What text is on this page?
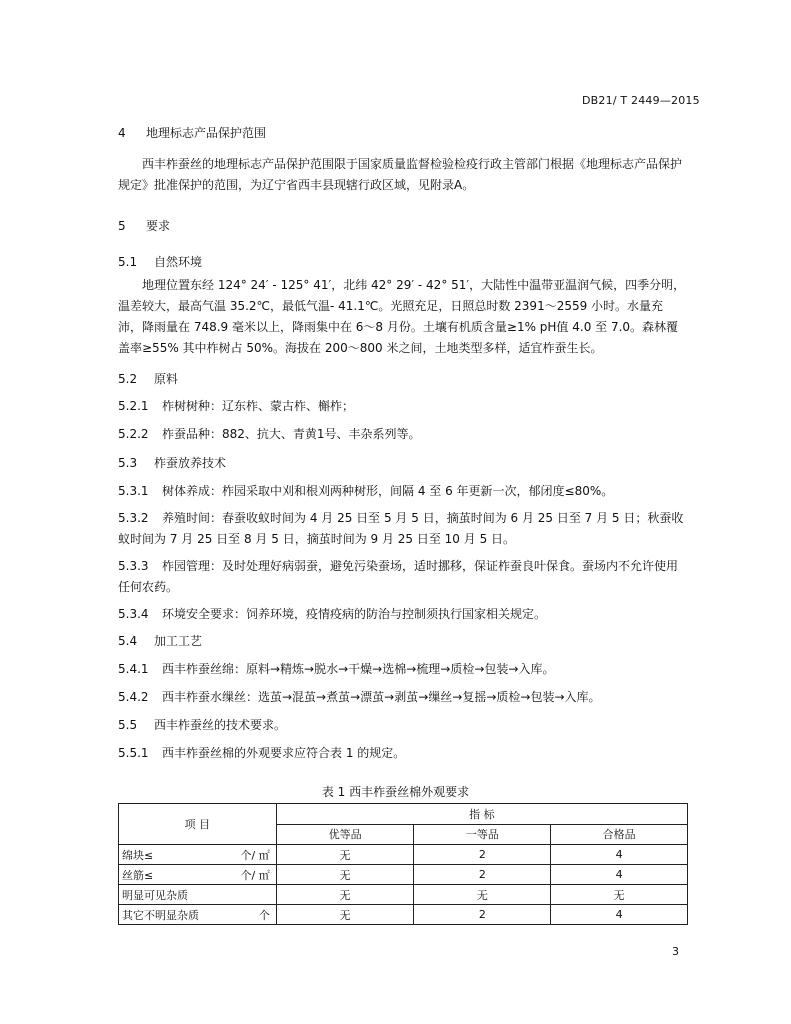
DB21/ T 2449—2015
4 地理标志产品保护范围
西丰柞蚕丝的地理标志产品保护范围限于国家质量监督检验检疫行政主管部门根据《地理标志产品保护规定》批准保护的范围，为辽宁省西丰县现辖行政区域，见附录A。
5 要求
5.1 自然环境
地理位置东经 124° 24′ - 125° 41′，北纬 42° 29′ - 42° 51′，大陆性中温带亚温润气候，四季分明，温差较大，最高气温 35.2℃，最低气温- 41.1℃。光照充足，日照总时数 2391～2559 小时。水量充沛，降雨量在 748.9 毫米以上，降雨集中在 6～8 月份。土壤有机质含量≥1% pH值 4.0 至 7.0。森林覆盖率≥55% 其中柞树占 50%。海拔在 200～800 米之间，土地类型多样，适宜柞蚕生长。
5.2 原料
5.2.1 柞树树种：辽东柞、蒙古柞、槲柞；
5.2.2 柞蚕品种：882、抗大、青黄1号、丰杂系列等。
5.3 柞蚕放养技术
5.3.1 树体养成：柞园采取中刈和根刈两种树形，间隔 4 至 6 年更新一次，郁闭度≤80%。
5.3.2 养殖时间：春蚕收蚁时间为 4 月 25 日至 5 月 5 日，摘茧时间为 6 月 25 日至 7 月 5 日；秋蚕收蚁时间为 7 月 25 日至 8 月 5 日，摘茧时间为 9 月 25 日至 10 月 5 日。
5.3.3 柞园管理：及时处理好病弱蚕，避免污染蚕场，适时挪移，保证柞蚕良叶保食。蚕场内不允许使用任何农药。
5.3.4 环境安全要求：饲养环境，疫情疫病的防治与控制须执行国家相关规定。
5.4 加工工艺
5.4.1 西丰柞蚕丝绵：原料→精炼→脱水→干燥→选棉→梳理→质检→包装→入库。
5.4.2 西丰柞蚕水缫丝：选茧→混茧→煮茧→漂茧→剥茧→缫丝→复摇→质检→包装→入库。
5.5 西丰柞蚕丝的技术要求。
5.5.1 西丰柞蚕丝棉的外观要求应符合表 1 的规定。
表 1 西丰柞蚕丝棉外观要求
项 目	指 标		
	优等品	一等品	合格品
绵块≤ 个/ ㎡	无	2	4
丝筋≤ 个/ ㎡	无	2	4
明显可见杂质	无	无	无
其它不明显杂质 个	无	2	4
3
